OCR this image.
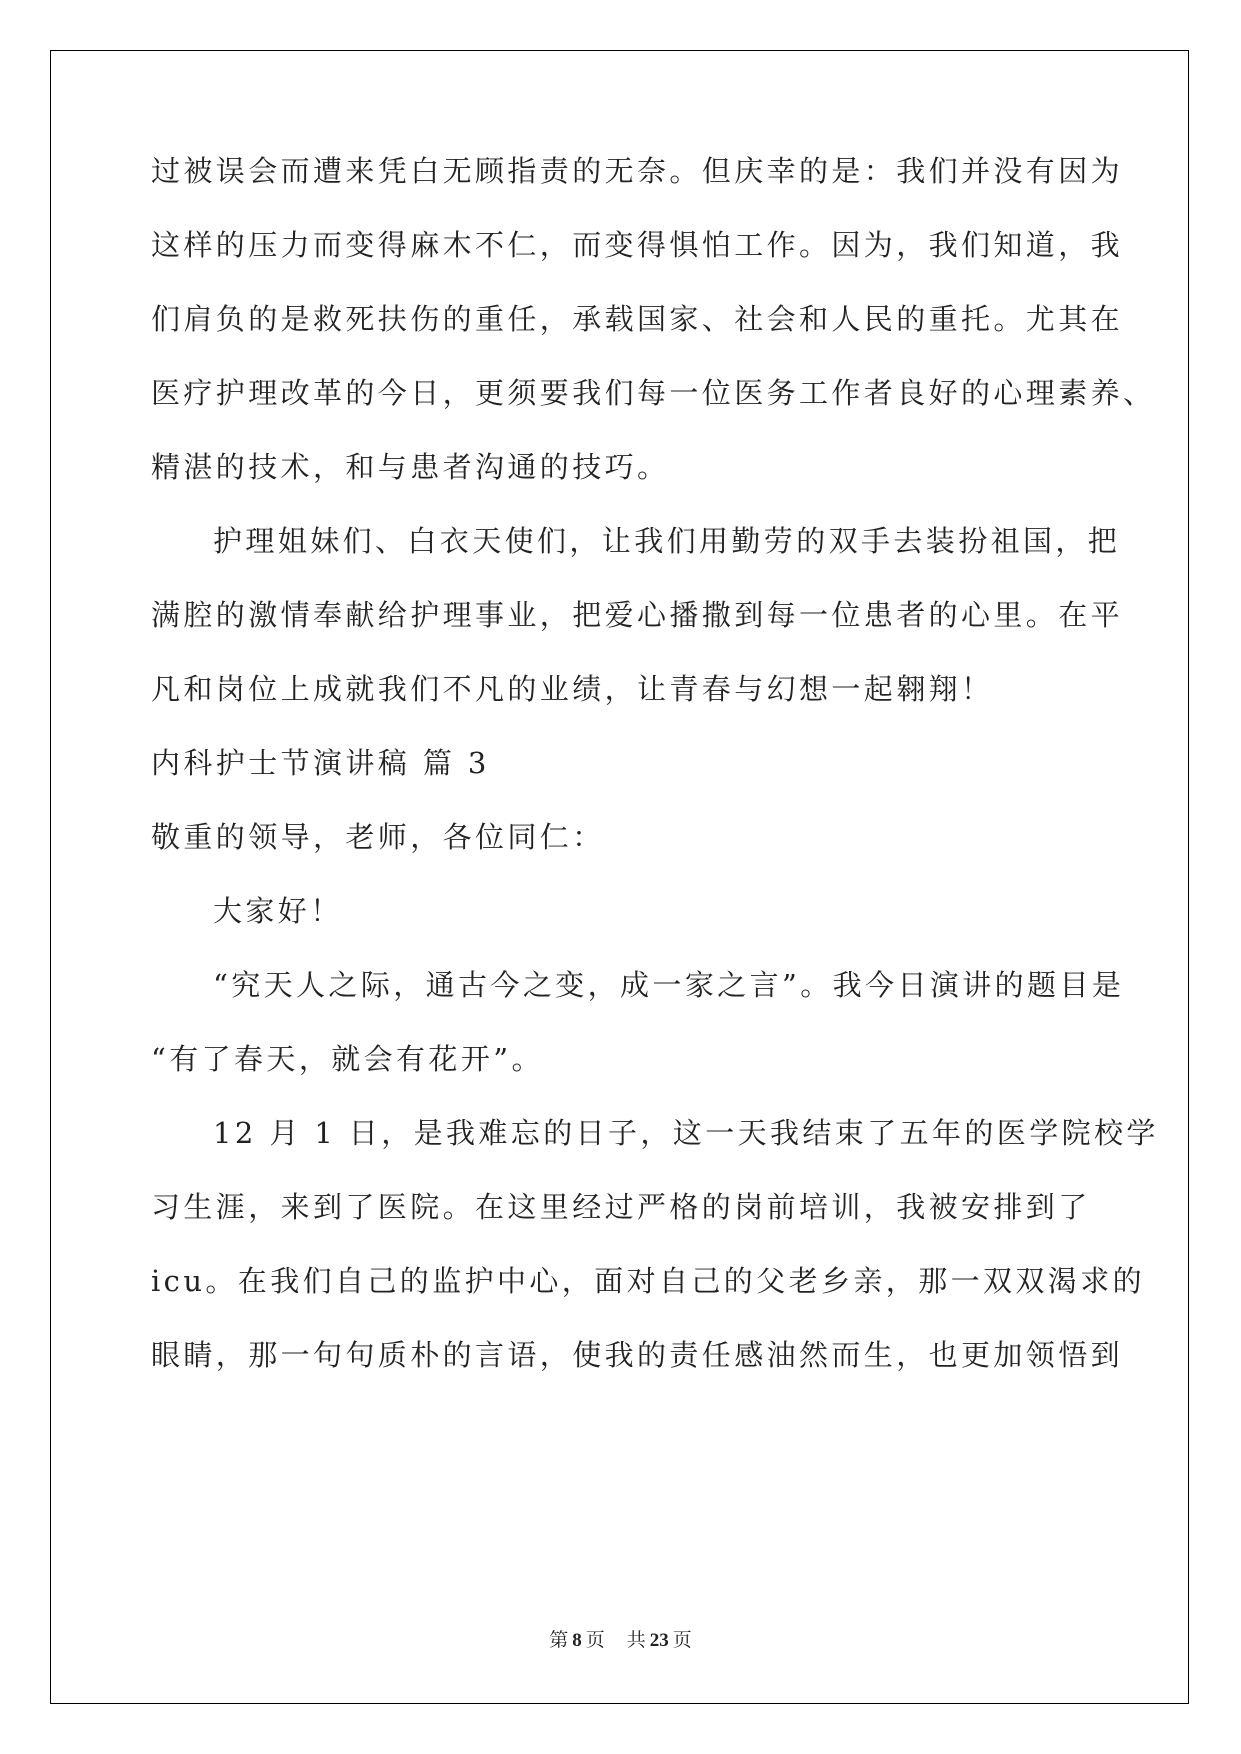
过被误会而遭来凭白无顾指责的无奈。但庆幸的是：我们并没有因为

这样的压力而变得麻木不仁，而变得惧怕工作。因为，我们知道，我

们肩负的是救死扶伤的重任，承载国家、社会和人民的重托。尤其在

医疗护理改革的今日，更须要我们每一位医务工作者良好的心理素养、

精湛的技术，和与患者沟通的技巧。

护理姐妹们、白衣天使们，让我们用勤劳的双手去装扮祖国，把

满腔的激情奉献给护理事业，把爱心播撒到每一位患者的心里。在平

凡和岗位上成就我们不凡的业绩，让青春与幻想一起翱翔！

内科护士节演讲稿 篇 3

敬重的领导，老师，各位同仁：

大家好！

“究天人之际，通古今之变，成一家之言”。我今日演讲的题目是

“有了春天，就会有花开”。

12 月 1 日，是我难忘的日子，这一天我结束了五年的医学院校学

习生涯，来到了医院。在这里经过严格的岗前培训，我被安排到了

icu。在我们自己的监护中心，面对自己的父老乡亲，那一双双渴求的

眼睛，那一句句质朴的言语，使我的责任感油然而生，也更加领悟到

第 8 页 共 23 页
